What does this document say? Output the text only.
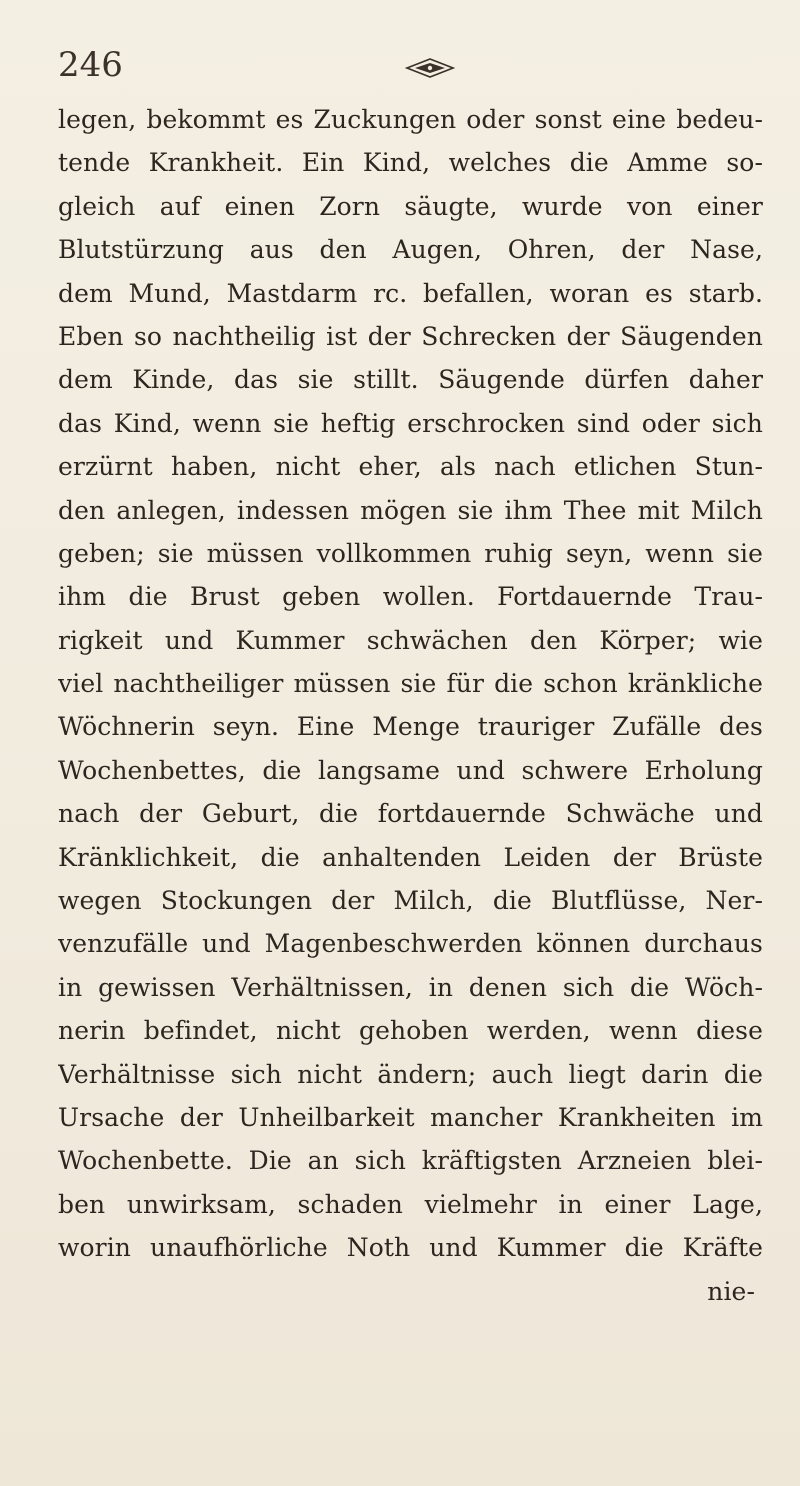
246
legen, bekommt es Zuckungen oder sonst eine bedeu-
tende Krankheit. Ein Kind, welches die Amme so-
gleich auf einen Zorn säugte, wurde von einer
Blutstürzung aus den Augen, Ohren, der Nase,
dem Mund, Mastdarm rc. befallen, woran es starb.
Eben so nachtheilig ist der Schrecken der Säugenden
dem Kinde, das sie stillt. Säugende dürfen daher
das Kind, wenn sie heftig erschrocken sind oder sich
erzürnt haben, nicht eher, als nach etlichen Stun-
den anlegen, indessen mögen sie ihm Thee mit Milch
geben; sie müssen vollkommen ruhig seyn, wenn sie
ihm die Brust geben wollen. Fortdauernde Trau-
rigkeit und Kummer schwächen den Körper; wie
viel nachtheiliger müssen sie für die schon kränkliche
Wöchnerin seyn. Eine Menge trauriger Zufälle des
Wochenbettes, die langsame und schwere Erholung
nach der Geburt, die fortdauernde Schwäche und
Kränklichkeit, die anhaltenden Leiden der Brüste
wegen Stockungen der Milch, die Blutflüsse, Ner-
venzufälle und Magenbeschwerden können durchaus
in gewissen Verhältnissen, in denen sich die Wöch-
nerin befindet, nicht gehoben werden, wenn diese
Verhältnisse sich nicht ändern; auch liegt darin die
Ursache der Unheilbarkeit mancher Krankheiten im
Wochenbette. Die an sich kräftigsten Arzneien blei-
ben unwirksam, schaden vielmehr in einer Lage,
worin unaufhörliche Noth und Kummer die Kräfte
nie-
